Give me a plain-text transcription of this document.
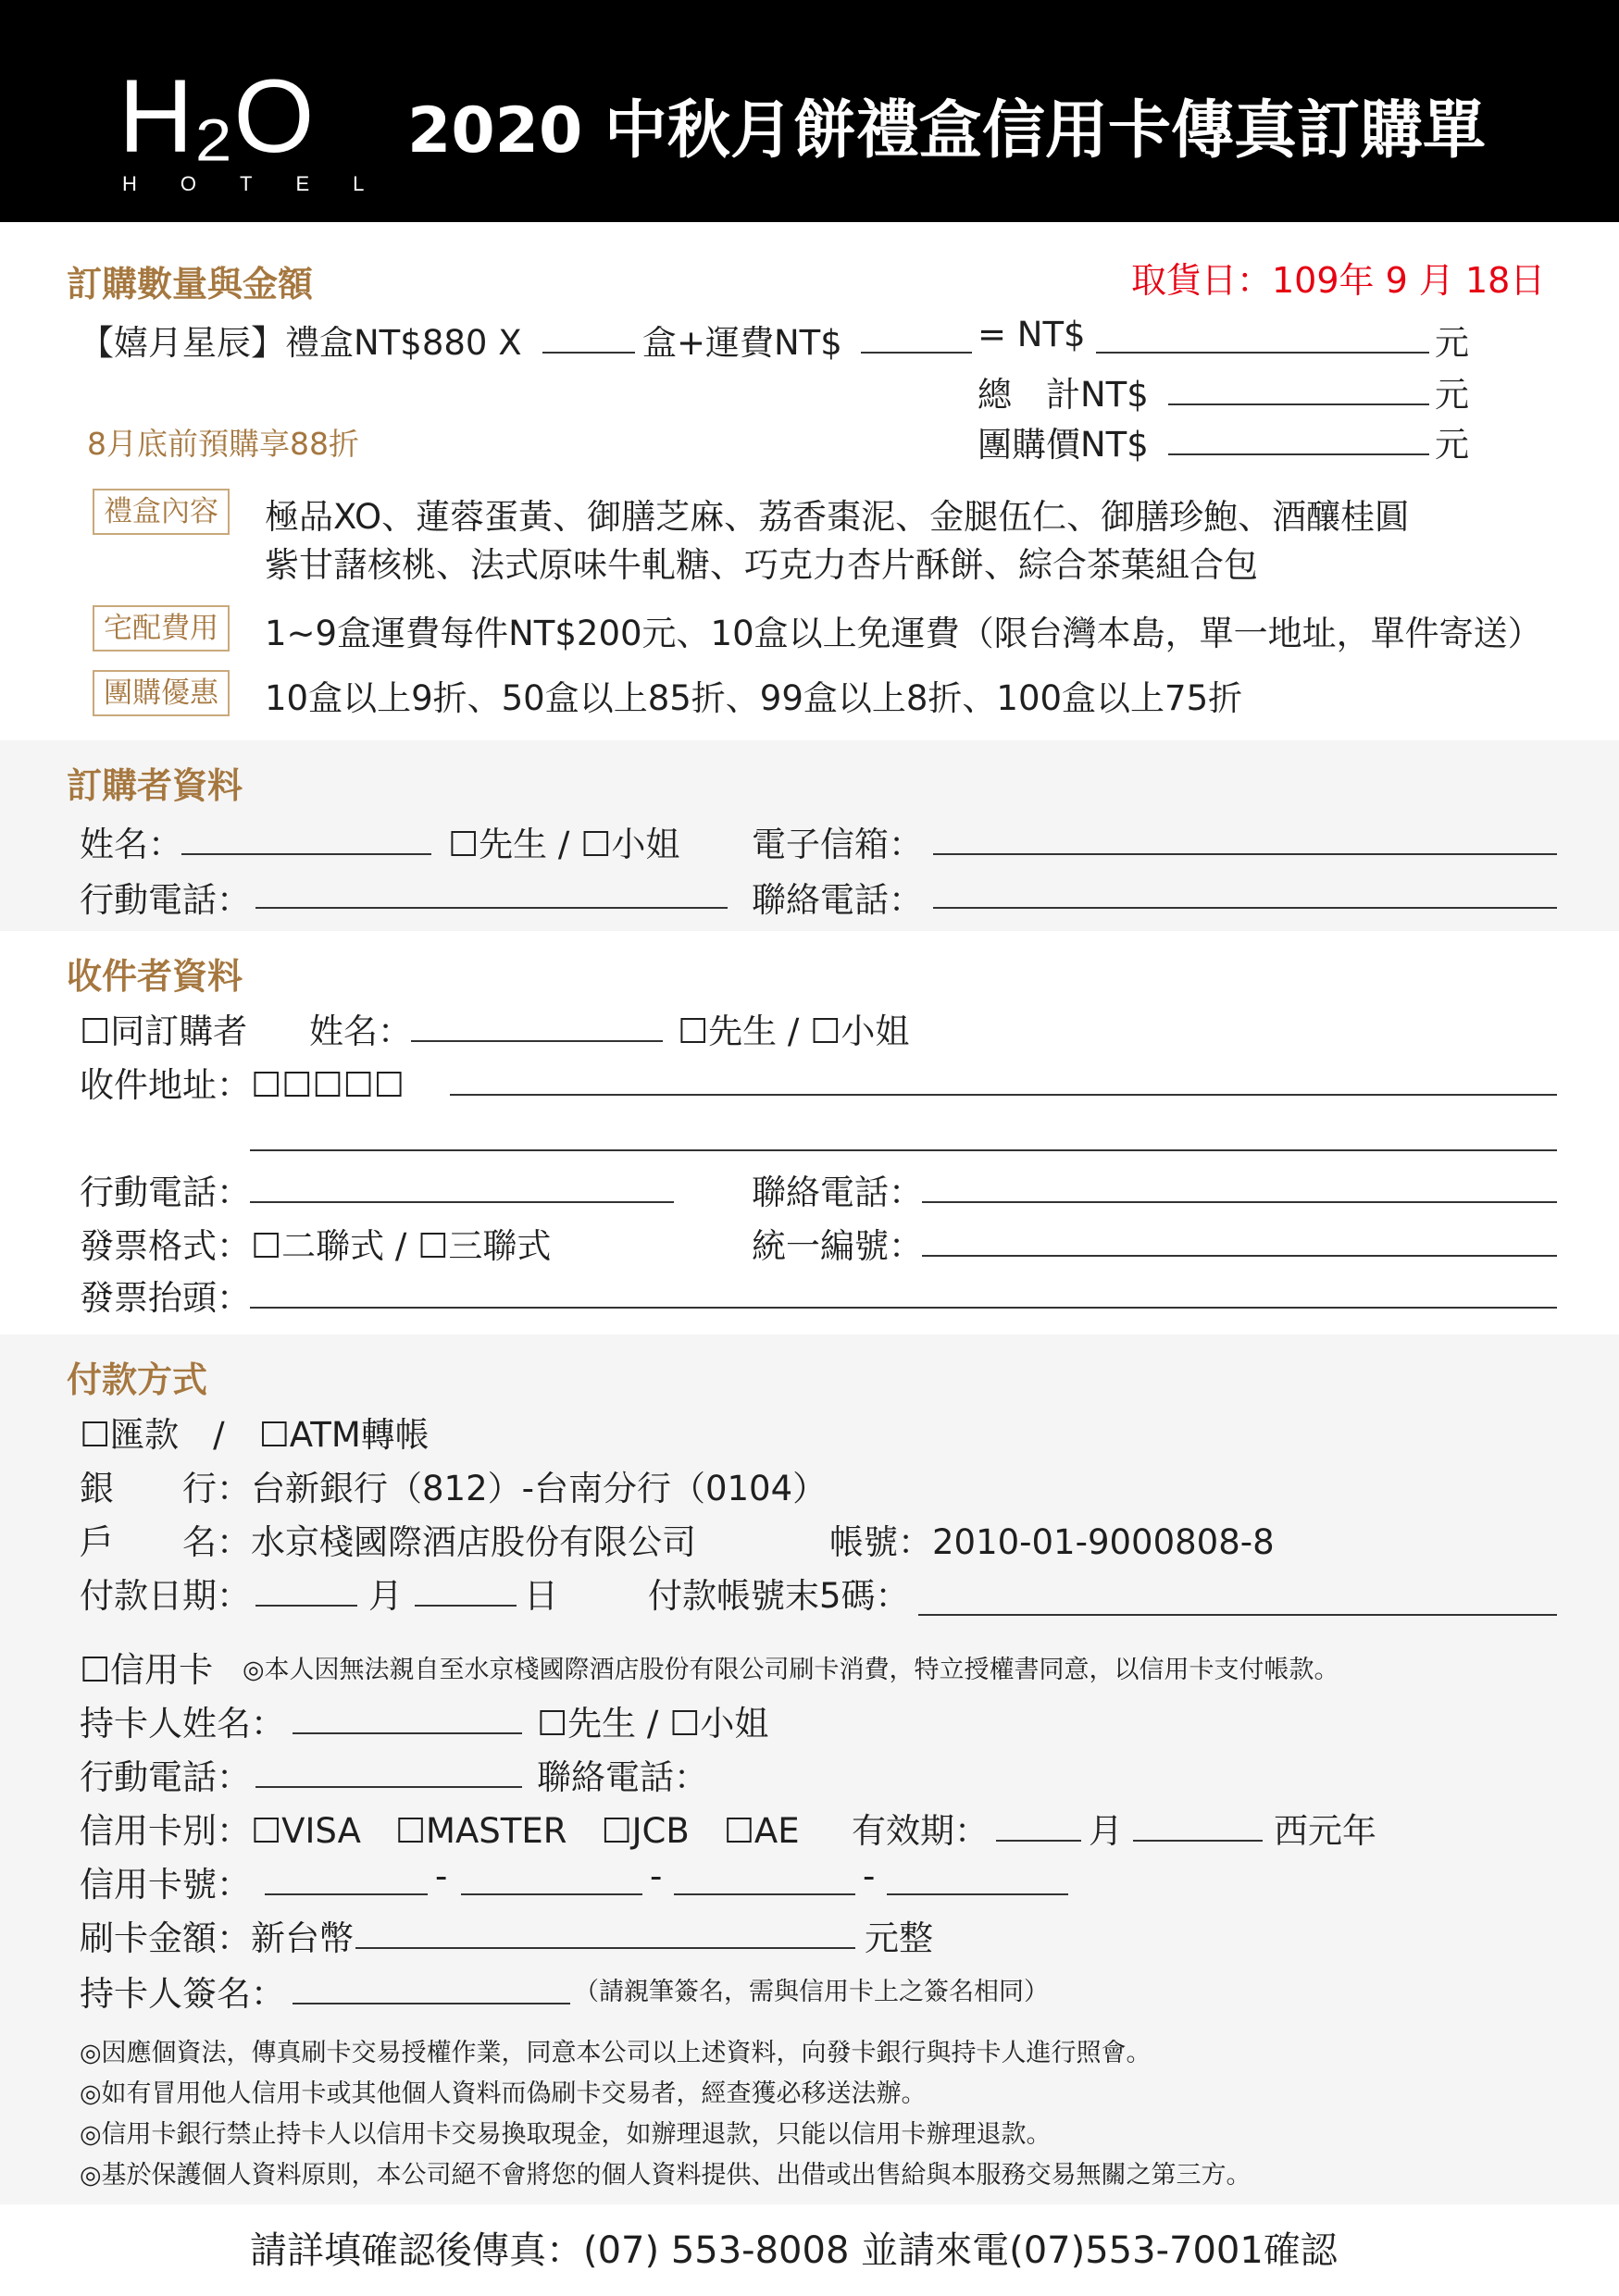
H₂O
HOTEL
2020 中秋月餅禮盒信用卡傳真訂購單
訂購數量與金額	取貨日：109年 9 月 18日
【嬉月星辰】禮盒NT$880 X	盒+運費NT$	= NT$	元
總　計NT$	元
8月底前預購享88折	團購價NT$	元
禮盒內容	極品XO、蓮蓉蛋黃、御膳芝麻、荔香棗泥、金腿伍仁、御膳珍鮑、酒釀桂圓
紫甘藷核桃、法式原味牛軋糖、巧克力杏片酥餅、綜合茶葉組合包
宅配費用	1~9盒運費每件NT$200元、10盒以上免運費（限台灣本島，單一地址，單件寄送）
團購優惠	10盒以上9折、50盒以上85折、99盒以上8折、100盒以上75折
訂購者資料
姓名：	☐先生 / ☐小姐 電子信箱：
行動電話：	聯絡電話：
收件者資料
☐同訂購者 姓名：	☐先生 / ☐小姐
收件地址：☐☐☐☐☐
行動電話：	聯絡電話：
發票格式：☐二聯式 / ☐三聯式	統一編號：
發票抬頭：
付款方式
☐匯款　/　☐ATM轉帳
銀　　行：台新銀行（812）-台南分行（0104）
戶　　名：水京棧國際酒店股份有限公司	帳號：2010-01-9000808-8
付款日期：	月	日	付款帳號末5碼：
☐信用卡 ◎本人因無法親自至水京棧國際酒店股份有限公司刷卡消費，特立授權書同意，以信用卡支付帳款。
持卡人姓名：	☐先生 / ☐小姐
行動電話：	聯絡電話：
信用卡別：☐VISA　☐MASTER　☐JCB　☐AE 有效期：	月	西元年
信用卡號：	-	-	-
刷卡金額：新台幣	元整
持卡人簽名：	（請親筆簽名，需與信用卡上之簽名相同）
◎因應個資法，傳真刷卡交易授權作業，同意本公司以上述資料，向發卡銀行與持卡人進行照會。
◎如有冒用他人信用卡或其他個人資料而偽刷卡交易者，經查獲必移送法辦。
◎信用卡銀行禁止持卡人以信用卡交易換取現金，如辦理退款，只能以信用卡辦理退款。
◎基於保護個人資料原則，本公司絕不會將您的個人資料提供、出借或出售給與本服務交易無關之第三方。
請詳填確認後傳真：(07) 553-8008 並請來電(07)553-7001確認
